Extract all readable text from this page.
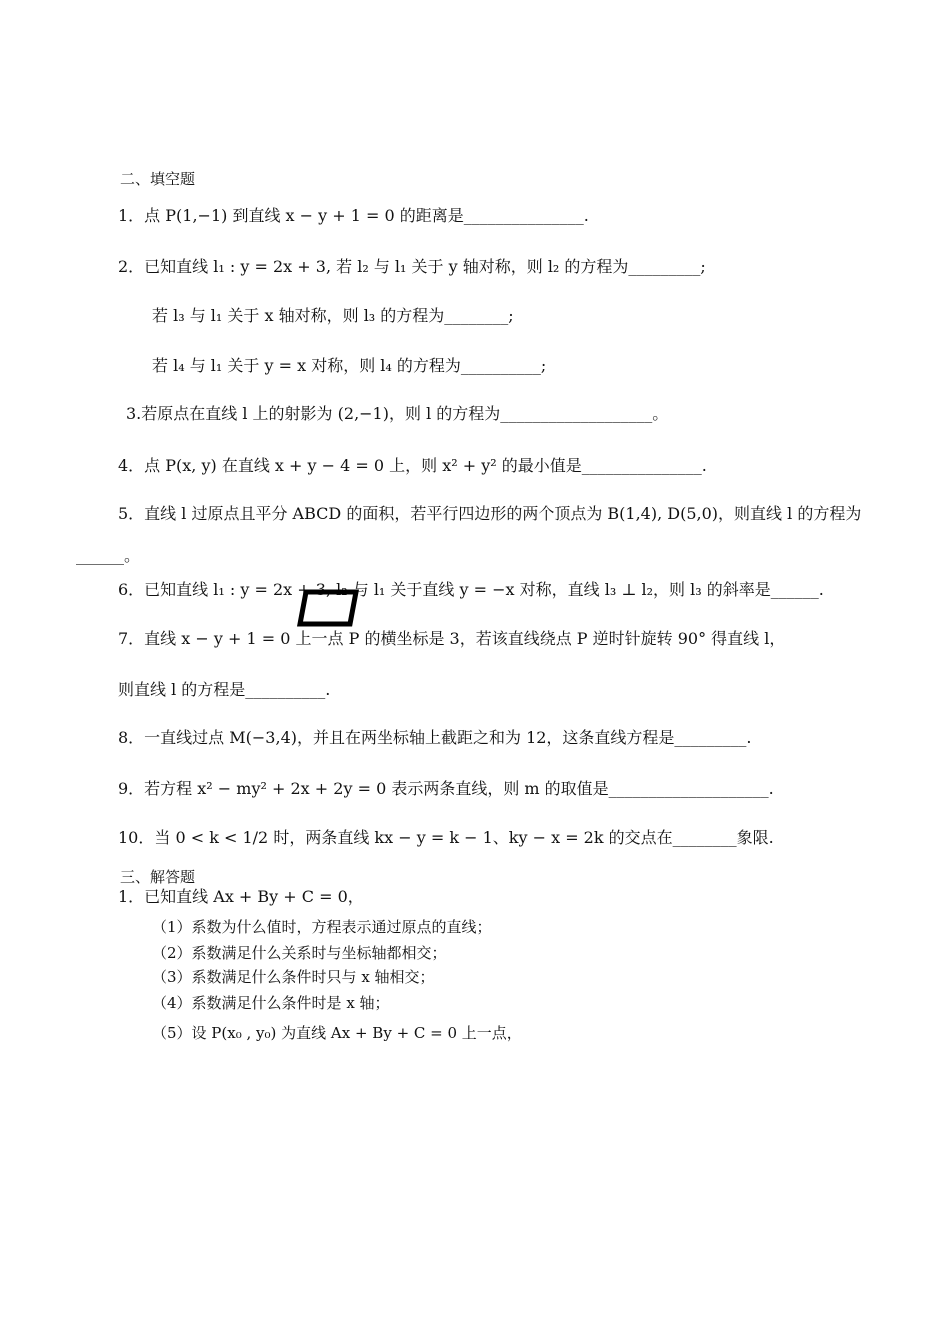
二、填空题
1．点 P(1,−1) 到直线 x − y + 1 = 0 的距离是_______________.
2．已知直线 l₁ : y = 2x + 3, 若 l₂ 与 l₁ 关于 y 轴对称，则 l₂ 的方程为_________;
若 l₃ 与 l₁ 关于 x 轴对称，则 l₃ 的方程为________;
若 l₄ 与 l₁ 关于 y = x 对称，则 l₄ 的方程为__________;
3.若原点在直线 l 上的射影为 (2,−1)，则 l 的方程为___________________。
4．点 P(x, y) 在直线 x + y − 4 = 0 上，则 x² + y² 的最小值是_______________.
5．直线 l 过原点且平分 ABCD 的面积，若平行四边形的两个顶点为 B(1,4), D(5,0)，则直线 l 的方程为
______。
6．已知直线 l₁ : y = 2x + 3, l₂ 与 l₁ 关于直线 y = −x 对称，直线 l₃ ⊥ l₂，则 l₃ 的斜率是______.
7．直线 x − y + 1 = 0 上一点 P 的横坐标是 3，若该直线绕点 P 逆时针旋转 90° 得直线 l，
则直线 l 的方程是__________.
8．一直线过点 M(−3,4)，并且在两坐标轴上截距之和为 12，这条直线方程是_________.
9．若方程 x² − my² + 2x + 2y = 0 表示两条直线，则 m 的取值是____________________.
10．当 0 < k < 1/2 时，两条直线 kx − y = k − 1、ky − x = 2k 的交点在________象限.
三、解答题
1．已知直线 Ax + By + C = 0，
（1）系数为什么值时，方程表示通过原点的直线；
（2）系数满足什么关系时与坐标轴都相交；
（3）系数满足什么条件时只与 x 轴相交；
（4）系数满足什么条件时是 x 轴；
（5）设 P(x₀ , y₀) 为直线 Ax + By + C = 0 上一点，
